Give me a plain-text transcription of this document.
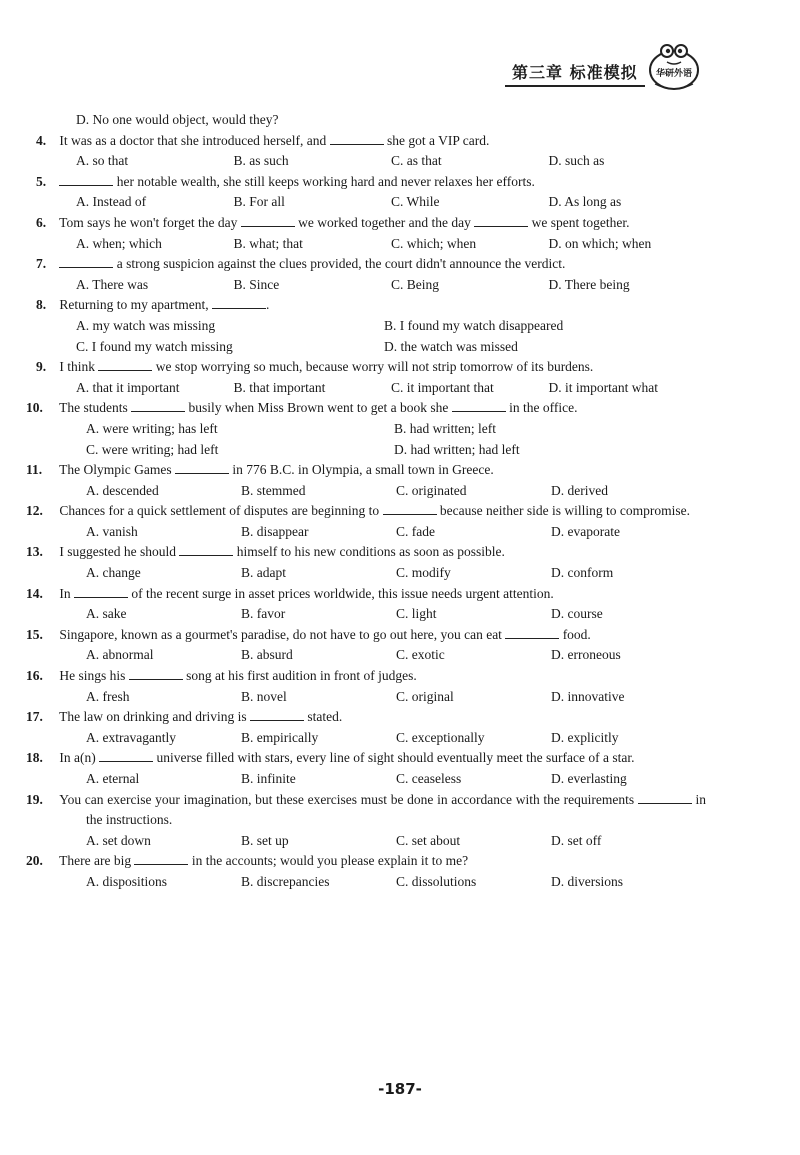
第三章 标准模拟	华研外语
D. No one would object, would they?
4. It was as a doctor that she introduced herself, and	she got a VIP card.
A. so that	B. as such	C. as that	D. such as
5.	her notable wealth, she still keeps working hard and never relaxes her efforts.
A. Instead of	B. For all	C. While	D. As long as
6. Tom says he won't forget the day	we worked together and the day	we spent together.
A. when; which	B. what; that	C. which; when	D. on which; when
7.	a strong suspicion against the clues provided, the court didn't announce the verdict.
A. There was	B. Since	C. Being	D. There being
8. Returning to my apartment,	.
A. my watch was missing	B. I found my watch disappeared
C. I found my watch missing	D. the watch was missed
9. I think	we stop worrying so much, because worry will not strip tomorrow of its burdens.
A. that it important	B. that important	C. it important that	D. it important what
10. The students	busily when Miss Brown went to get a book she	in the office.
A. were writing; has left	B. had written; left
C. were writing; had left	D. had written; had left
11. The Olympic Games	in 776 B.C. in Olympia, a small town in Greece.
A. descended	B. stemmed	C. originated	D. derived
12. Chances for a quick settlement of disputes are beginning to	because neither side is willing to compromise.
A. vanish	B. disappear	C. fade	D. evaporate
13. I suggested he should	himself to his new conditions as soon as possible.
A. change	B. adapt	C. modify	D. conform
14. In	of the recent surge in asset prices worldwide, this issue needs urgent attention.
A. sake	B. favor	C. light	D. course
15. Singapore, known as a gourmet's paradise, do not have to go out here, you can eat	food.
A. abnormal	B. absurd	C. exotic	D. erroneous
16. He sings his	song at his first audition in front of judges.
A. fresh	B. novel	C. original	D. innovative
17. The law on drinking and driving is	stated.
A. extravagantly	B. empirically	C. exceptionally	D. explicitly
18. In a(n)	universe filled with stars, every line of sight should eventually meet the surface of a star.
A. eternal	B. infinite	C. ceaseless	D. everlasting
19. You can exercise your imagination, but these exercises must be done in accordance with the requirements	in the instructions.
A. set down	B. set up	C. set about	D. set off
20. There are big	in the accounts; would you please explain it to me?
A. dispositions	B. discrepancies	C. dissolutions	D. diversions
-187-
